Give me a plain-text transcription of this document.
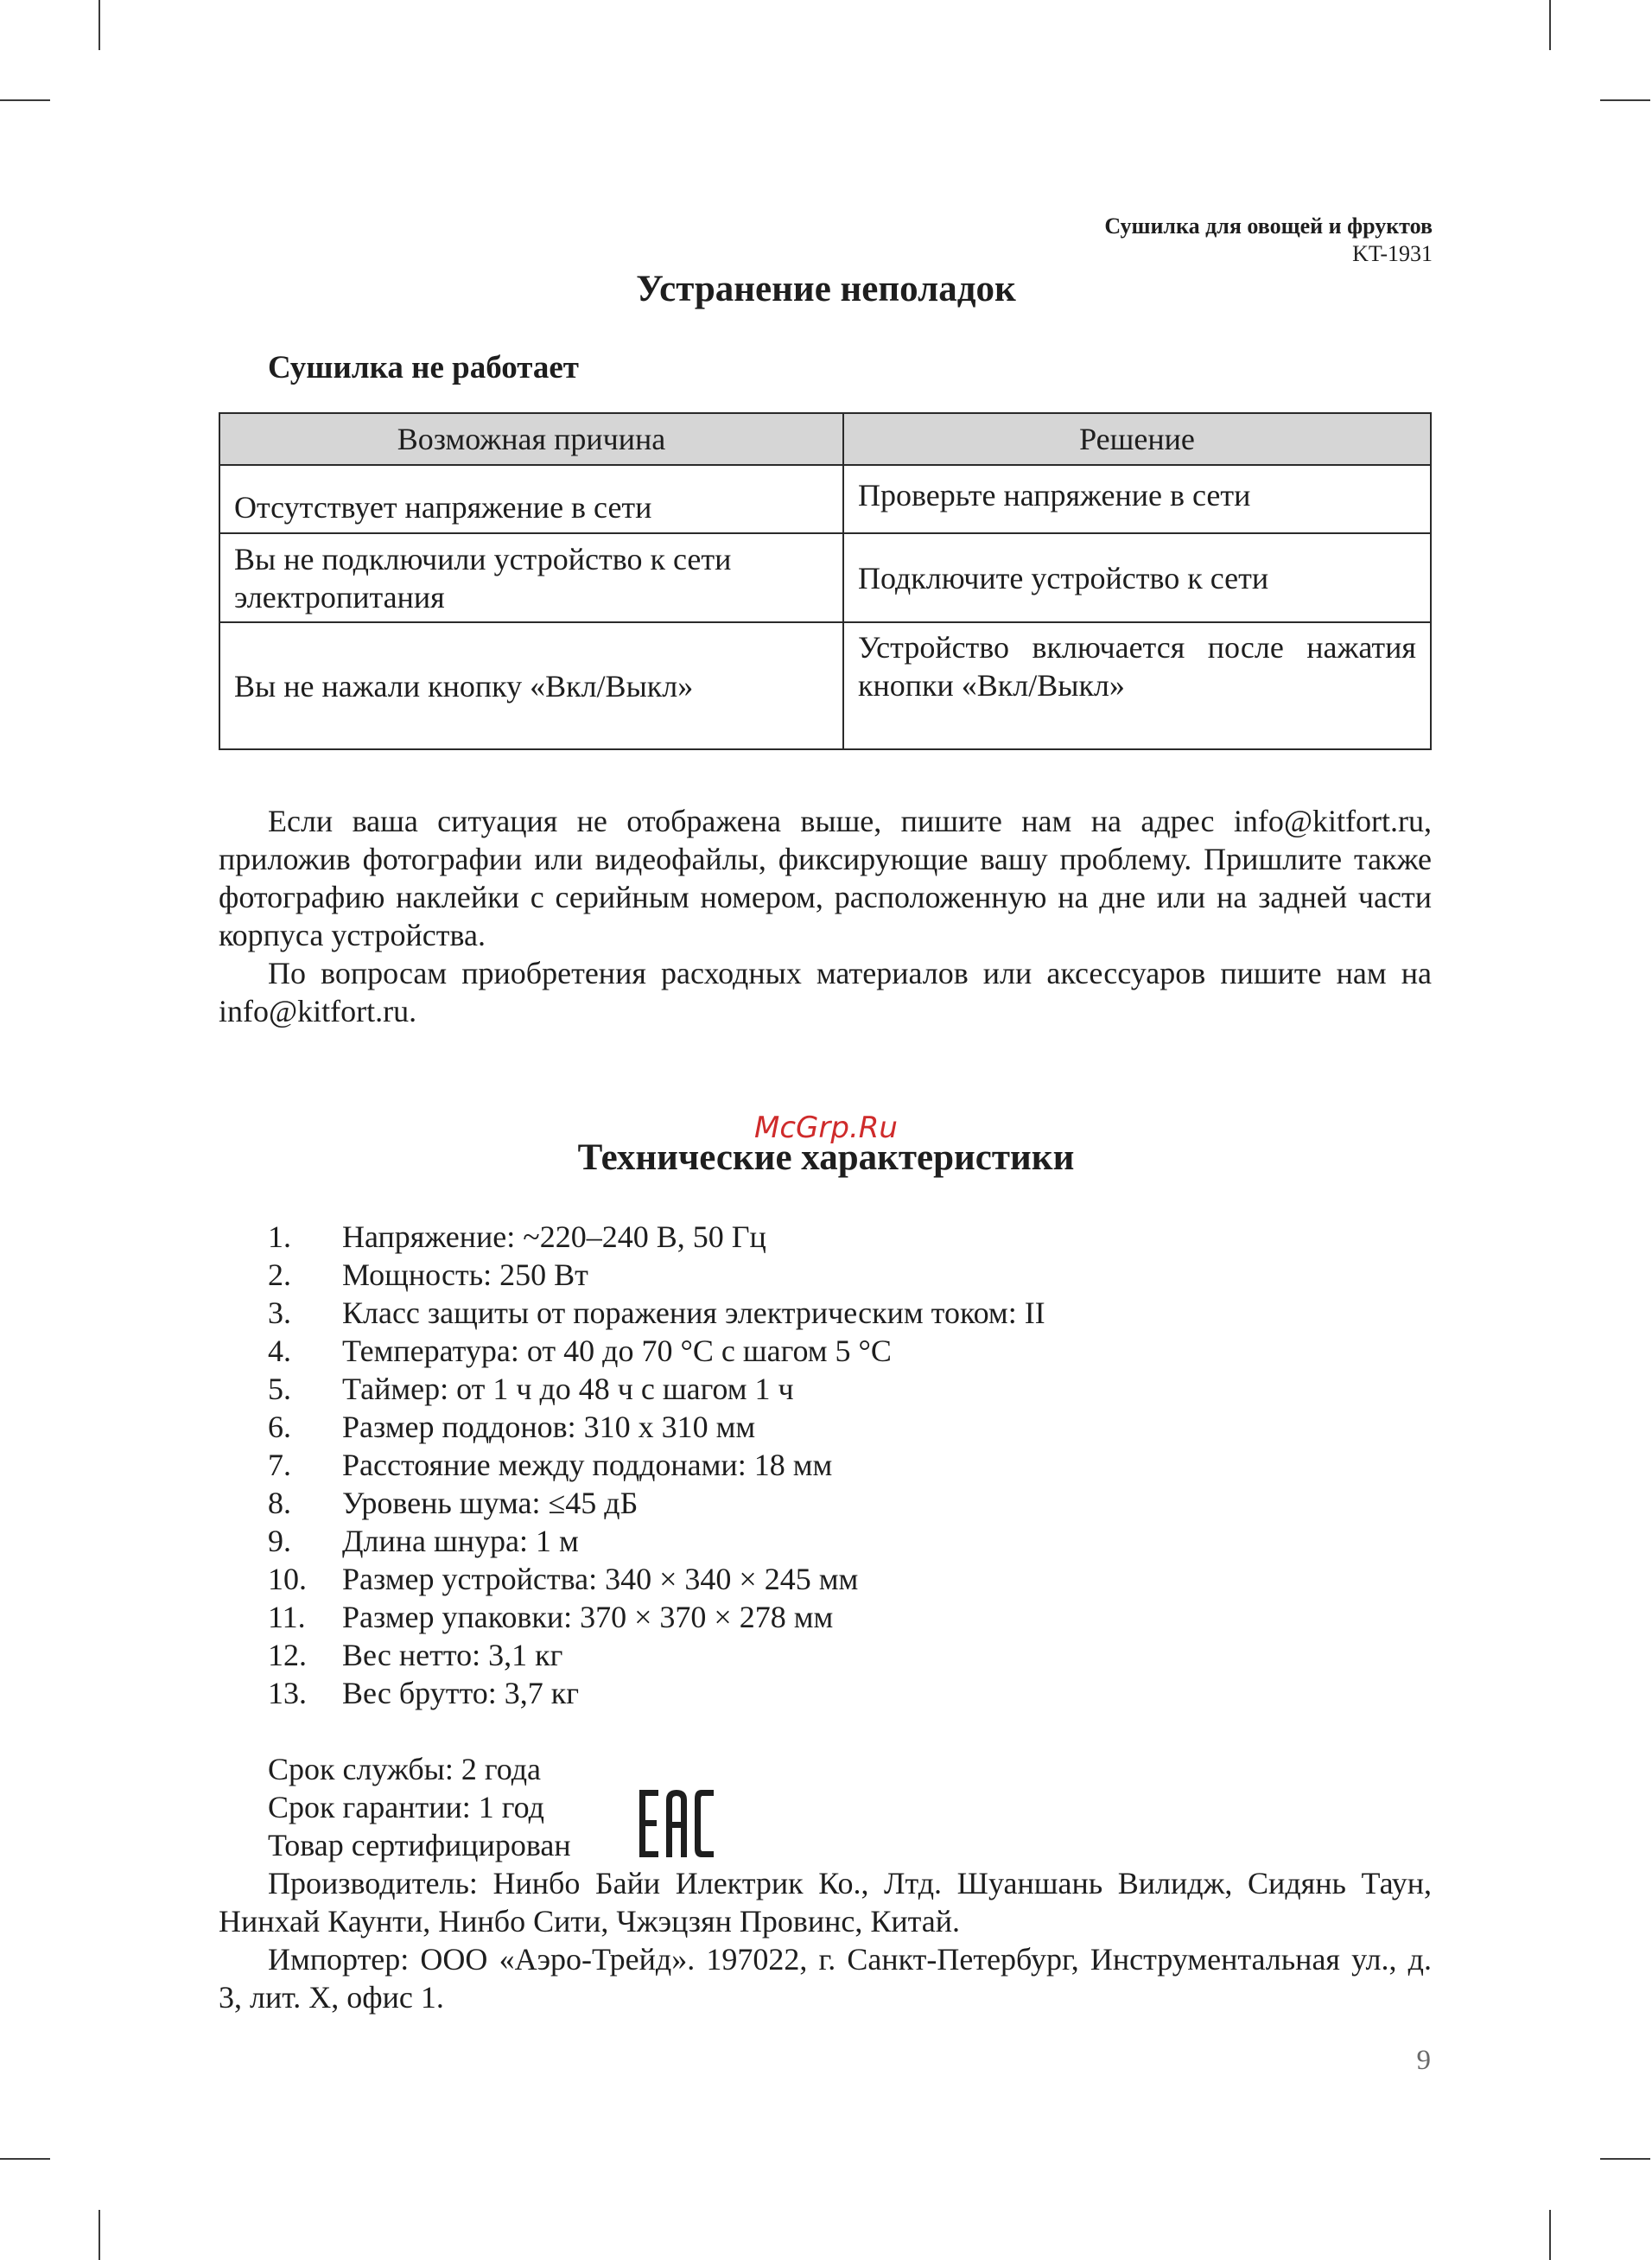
Сушилка для овощей и фруктов
KT-1931
Устранение неполадок
Сушилка не работает
Возможная причина	Решение
Отсутствует напряжение в сети	Проверьте напряжение в сети
Вы не подключили устройство к сети электропитания	Подключите устройство к сети
Вы не нажали кнопку «Вкл/Выкл»	Устройство включается после нажатия кнопки «Вкл/Выкл»

Если ваша ситуация не отображена выше, пишите нам на адрес info@kitfort.ru, приложив фотографии или видеофайлы, фиксирующие вашу проблему. Пришлите также фотографию наклейки с серийным номером, расположенную на дне или на задней части корпуса устройства.

По вопросам приобретения расходных материалов или аксессуаров пишите нам на info@kitfort.ru.

McGrp.Ru
Технические характеристики
1.	Напряжение: ~220–240 В, 50 Гц
2.	Мощность: 250 Вт
3.	Класс защиты от поражения электрическим током: II
4.	Температура: от 40 до 70 °С с шагом 5 °С
5.	Таймер: от 1 ч до 48 ч с шагом 1 ч
6.	Размер поддонов: 310 x 310 мм
7.	Расстояние между поддонами: 18 мм
8.	Уровень шума: ≤45 дБ
9.	Длина шнура: 1 м
10.	Размер устройства: 340 × 340 × 245 мм
11.	Размер упаковки: 370 × 370 × 278 мм
12.	Вес нетто: 3,1 кг
13.	Вес брутто: 3,7 кг
Срок службы: 2 года
Срок гарантии: 1 год
Товар сертифицирован

Производитель: Нинбо Байи Илектрик Ко., Лтд. Шуаншань Вилидж, Сидянь Таун, Нинхай Каунти, Нинбо Сити, Чжэцзян Провинс, Китай.

Импортер: ООО «Аэро-Трейд». 197022, г. Санкт-Петербург, Инструментальная ул., д. 3, лит. Х, офис 1.

9
